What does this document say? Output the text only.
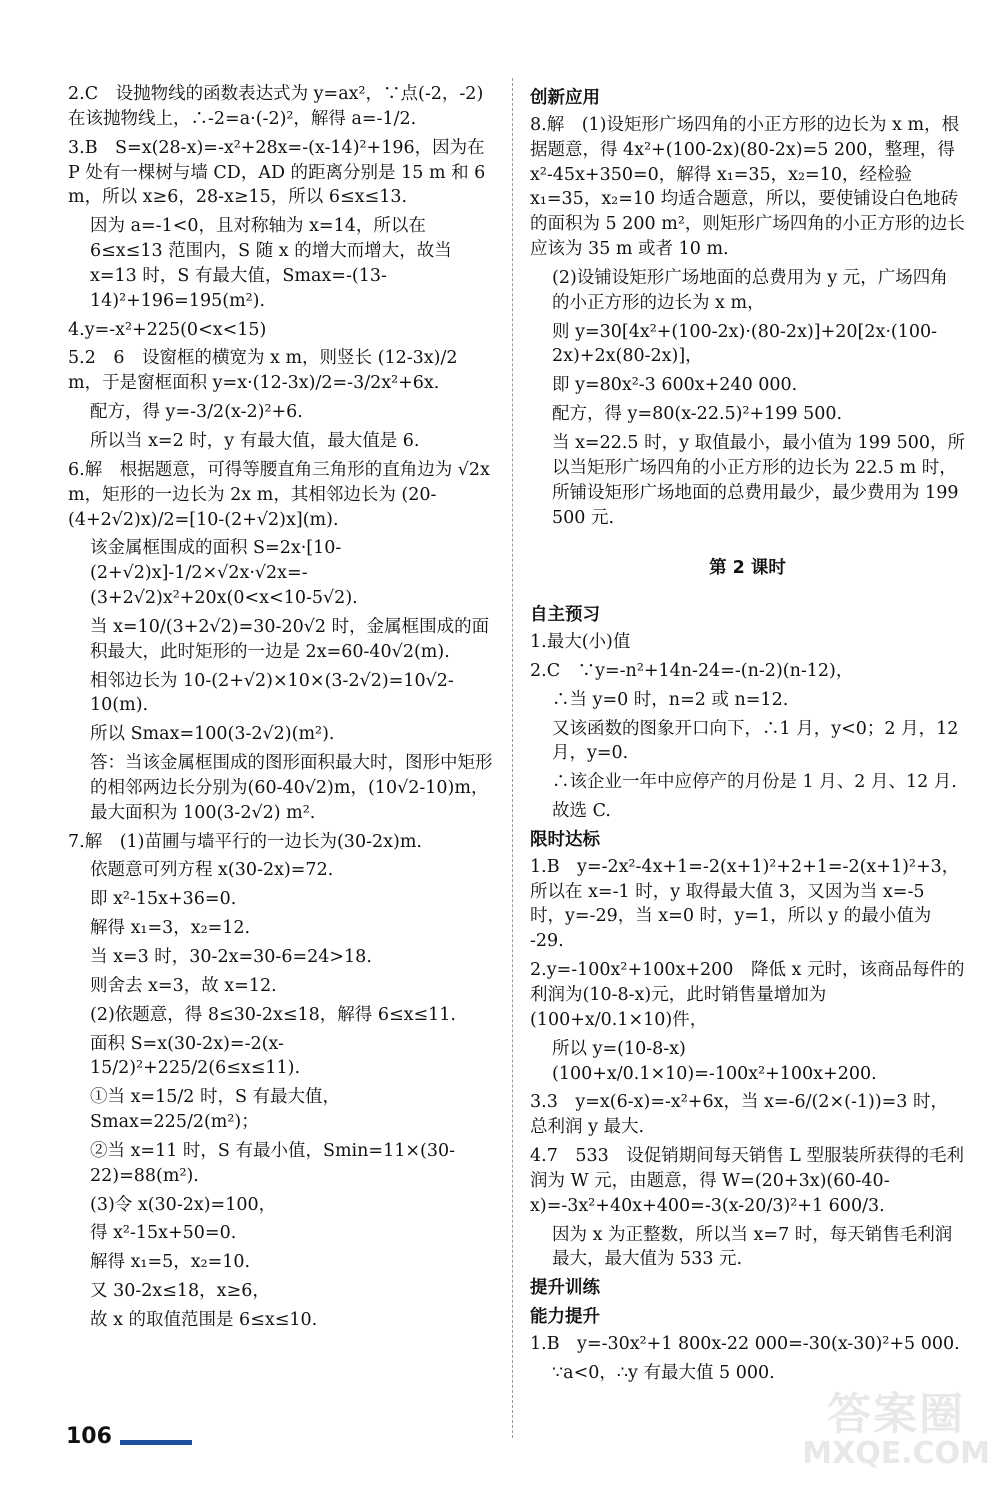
2.C　设抛物线的函数表达式为 y=ax²，∵点(-2，-2)在该抛物线上，∴-2=a·(-2)²，解得 a=-1/2.
3.B　S=x(28-x)=-x²+28x=-(x-14)²+196，因为在 P 处有一棵树与墙 CD，AD 的距离分别是 15 m 和 6 m，所以 x≥6，28-x≥15，所以 6≤x≤13.
因为 a=-1<0，且对称轴为 x=14，所以在 6≤x≤13 范围内，S 随 x 的增大而增大，故当 x=13 时，S 有最大值，Smax=-(13-14)²+196=195(m²).
4.y=-x²+225(0<x<15)
5.2　6　设窗框的横宽为 x m，则竖长 (12-3x)/2 m，于是窗框面积 y=x·(12-3x)/2=-3/2x²+6x.
配方，得 y=-3/2(x-2)²+6.
所以当 x=2 时，y 有最大值，最大值是 6.
6.解　根据题意，可得等腰直角三角形的直角边为 √2x m，矩形的一边长为 2x m，其相邻边长为 (20-(4+2√2)x)/2=[10-(2+√2)x](m).
该金属框围成的面积 S=2x·[10-(2+√2)x]-1/2×√2x·√2x=-(3+2√2)x²+20x(0<x<10-5√2).
当 x=10/(3+2√2)=30-20√2 时，金属框围成的面积最大，此时矩形的一边是 2x=60-40√2(m).
相邻边长为 10-(2+√2)×10×(3-2√2)=10√2-10(m).
所以 Smax=100(3-2√2)(m²).
答：当该金属框围成的图形面积最大时，图形中矩形的相邻两边长分别为(60-40√2)m，(10√2-10)m，最大面积为 100(3-2√2) m².
7.解　(1)苗圃与墙平行的一边长为(30-2x)m.
依题意可列方程 x(30-2x)=72.
即 x²-15x+36=0.
解得 x₁=3，x₂=12.
当 x=3 时，30-2x=30-6=24>18.
则舍去 x=3，故 x=12.
(2)依题意，得 8≤30-2x≤18，解得 6≤x≤11.
面积 S=x(30-2x)=-2(x-15/2)²+225/2(6≤x≤11).
①当 x=15/2 时，S 有最大值，Smax=225/2(m²)；
②当 x=11 时，S 有最小值，Smin=11×(30-22)=88(m²).
(3)令 x(30-2x)=100，
得 x²-15x+50=0.
解得 x₁=5，x₂=10.
又 30-2x≤18，x≥6，
故 x 的取值范围是 6≤x≤10.
创新应用
8.解　(1)设矩形广场四角的小正方形的边长为 x m，根据题意，得 4x²+(100-2x)(80-2x)=5 200，整理，得 x²-45x+350=0，解得 x₁=35，x₂=10，经检验 x₁=35，x₂=10 均适合题意，所以，要使铺设白色地砖的面积为 5 200 m²，则矩形广场四角的小正方形的边长应该为 35 m 或者 10 m.
(2)设铺设矩形广场地面的总费用为 y 元，广场四角的小正方形的边长为 x m，
则 y=30[4x²+(100-2x)·(80-2x)]+20[2x·(100-2x)+2x(80-2x)]，
即 y=80x²-3 600x+240 000.
配方，得 y=80(x-22.5)²+199 500.
当 x=22.5 时，y 取值最小，最小值为 199 500，所以当矩形广场四角的小正方形的边长为 22.5 m 时，所铺设矩形广场地面的总费用最少，最少费用为 199 500 元.
第 2 课时
自主预习
1.最大(小)值
2.C　∵y=-n²+14n-24=-(n-2)(n-12)，
∴当 y=0 时，n=2 或 n=12.
又该函数的图象开口向下，∴1 月，y<0；2 月，12 月，y=0.
∴该企业一年中应停产的月份是 1 月、2 月、12 月.
故选 C.
限时达标
1.B　y=-2x²-4x+1=-2(x+1)²+2+1=-2(x+1)²+3，所以在 x=-1 时，y 取得最大值 3，又因为当 x=-5 时，y=-29，当 x=0 时，y=1，所以 y 的最小值为 -29.
2.y=-100x²+100x+200　降低 x 元时，该商品每件的利润为(10-8-x)元，此时销售量增加为 (100+x/0.1×10)件，
所以 y=(10-8-x)(100+x/0.1×10)=-100x²+100x+200.
3.3　y=x(6-x)=-x²+6x，当 x=-6/(2×(-1))=3 时，总利润 y 最大.
4.7　533　设促销期间每天销售 L 型服装所获得的毛利润为 W 元，由题意，得 W=(20+3x)(60-40-x)=-3x²+40x+400=-3(x-20/3)²+1 600/3.
因为 x 为正整数，所以当 x=7 时，每天销售毛利润最大，最大值为 533 元.
提升训练
能力提升
1.B　y=-30x²+1 800x-22 000=-30(x-30)²+5 000.
∵a<0，∴y 有最大值 5 000.
106	答案圈
MXQE.COM
